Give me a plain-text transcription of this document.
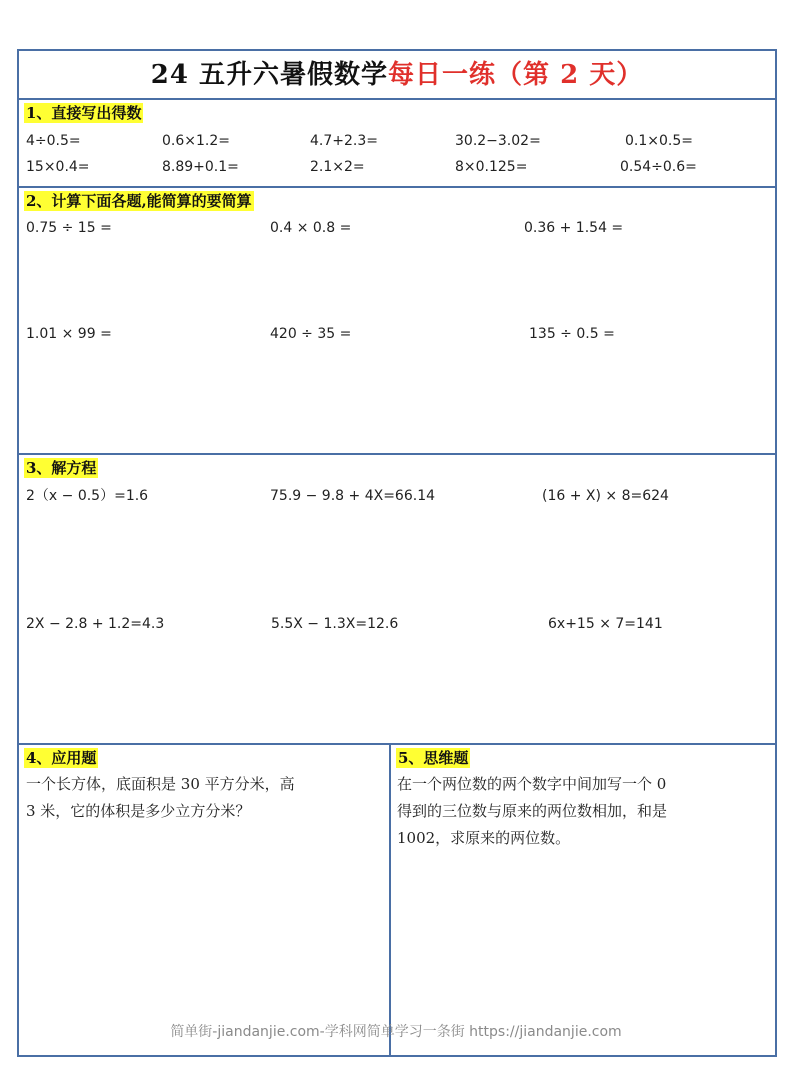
24 五升六暑假数学每日一练（第 2 天）
1、直接写出得数
4÷0.5=	0.6×1.2=	4.7+2.3=	30.2−3.02=	0.1×0.5=
15×0.4=	8.89+0.1=	2.1×2=	8×0.125=	0.54÷0.6=
2、计算下面各题,能简算的要简算
0.75 ÷ 15 =	0.4 × 0.8 =	0.36 + 1.54 =
1.01 × 99 =	420 ÷ 35 =	135 ÷ 0.5 =
3、解方程
2（x − 0.5）=1.6	75.9 − 9.8 + 4X=66.14	(16 + X) × 8=624
2X − 2.8 + 1.2=4.3	5.5X − 1.3X=12.6	6x+15 × 7=141
4、应用题
一个长方体，底面积是 30 平方分米，高
3 米，它的体积是多少立方分米？
5、思维题
在一个两位数的两个数字中间加写一个 0
得到的三位数与原来的两位数相加，和是
1002，求原来的两位数。
简单街-jiandanjie.com-学科网简单学习一条街 https://jiandanjie.com
